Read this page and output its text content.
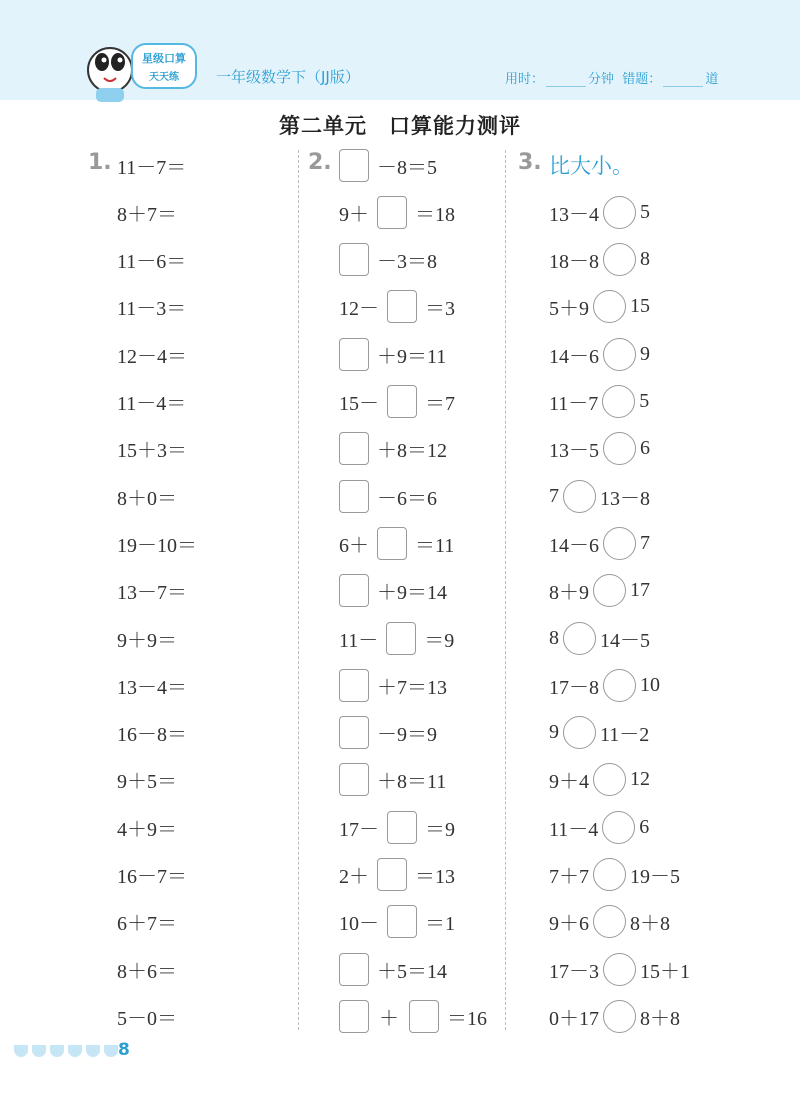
星级口算
天天练 一年级数学下（JJ版）	用时：	分钟 错题：	道
第二单元　口算能力测评
1.	2.	3. 比大小。
11－7＝
8＋7＝
11－6＝
11－3＝
12－4＝
11－4＝
15＋3＝
8＋0＝
19－10＝
13－7＝
9＋9＝
13－4＝
16－8＝
9＋5＝
4＋9＝
16－7＝
6＋7＝
8＋6＝
5－0＝
－8＝5
9＋ ＝18
－3＝8
12－ ＝3
＋9＝11
15－ ＝7
＋8＝12
－6＝6
6＋ ＝11
＋9＝14
11－ ＝9
＋7＝13
－9＝9
＋8＝11
17－ ＝9
2＋ ＝13
10－ ＝1
＋5＝14
＋ ＝16
13－4 5
18－8 8
5＋9 15
14－6 9
11－7 5
13－5 6
7 13－8
14－6 7
8＋9 17
8 14－5
17－8 10
9 11－2
9＋4 12
11－4 6
7＋7 19－5
9＋6 8＋8
17－3 15＋1
0＋17 8＋8
8
